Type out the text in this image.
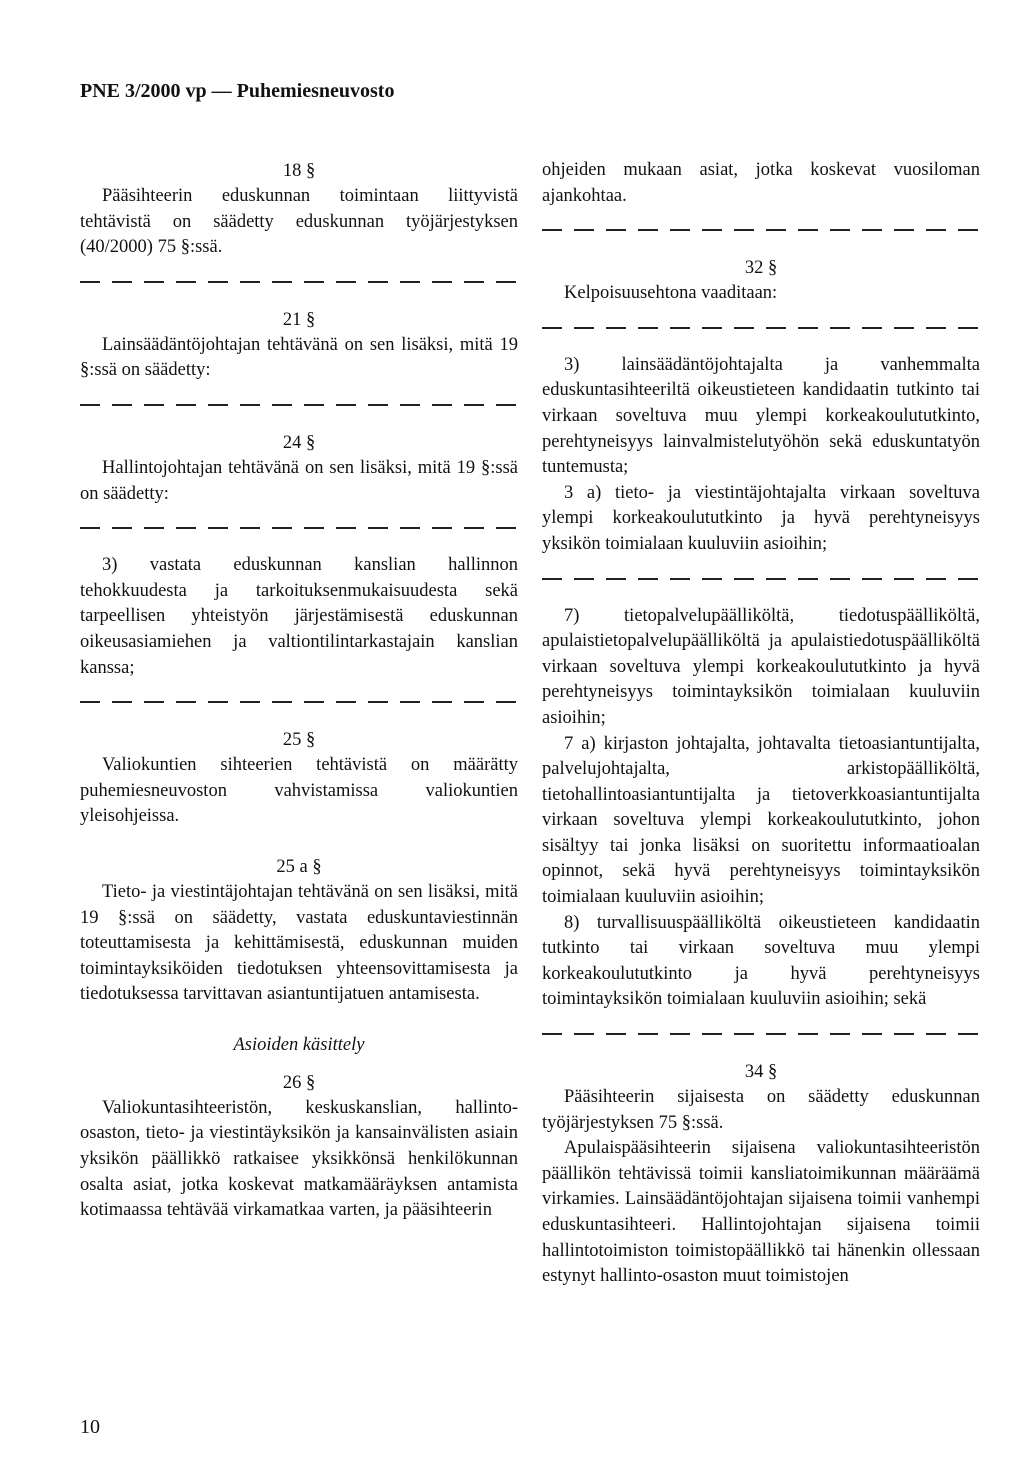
PNE 3/2000 vp — Puhemiesneuvosto
18 §

Pääsihteerin eduskunnan toimintaan liittyvistä tehtävistä on säädetty eduskunnan työjärjestyksen (40/2000) 75 §:ssä.

21 §

Lainsäädäntöjohtajan tehtävänä on sen lisäksi, mitä 19 §:ssä on säädetty:

24 §

Hallintojohtajan tehtävänä on sen lisäksi, mitä 19 §:ssä on säädetty:

3) vastata eduskunnan kanslian hallinnon tehokkuudesta ja tarkoituksenmukaisuudesta sekä tarpeellisen yhteistyön järjestämisestä eduskunnan oikeusasiamiehen ja valtiontilintarkastajain kanslian kanssa;

25 §

Valiokuntien sihteerien tehtävistä on määrätty puhemiesneuvoston vahvistamissa valiokuntien yleisohjeissa.

25 a §

Tieto- ja viestintäjohtajan tehtävänä on sen lisäksi, mitä 19 §:ssä on säädetty, vastata eduskuntaviestinnän toteuttamisesta ja kehittämisestä, eduskunnan muiden toimintayksiköiden tiedotuksen yhteensovittamisesta ja tiedotuksessa tarvittavan asiantuntijatuen antamisesta.

Asioiden käsittely
26 §

Valiokuntasihteeristön, keskuskanslian, hallinto-osaston, tieto- ja viestintäyksikön ja kansainvälisten asiain yksikön päällikkö ratkaisee yksikkönsä henkilökunnan osalta asiat, jotka koskevat matkamääräyksen antamista kotimaassa tehtävää virkamatkaa varten, ja pääsihteerin

ohjeiden mukaan asiat, jotka koskevat vuosiloman ajankohtaa.

32 §

Kelpoisuusehtona vaaditaan:

3) lainsäädäntöjohtajalta ja vanhemmalta eduskuntasihteeriltä oikeustieteen kandidaatin tutkinto tai virkaan soveltuva muu ylempi korkeakoulututkinto, perehtyneisyys lainvalmistelutyöhön sekä eduskuntatyön tuntemusta;

3 a) tieto- ja viestintäjohtajalta virkaan soveltuva ylempi korkeakoulututkinto ja hyvä perehtyneisyys yksikön toimialaan kuuluviin asioihin;

7) tietopalvelupäälliköltä, tiedotuspäälliköltä, apulaistietopalvelupäälliköltä ja apulaistiedotuspäälliköltä virkaan soveltuva ylempi korkeakoulututkinto ja hyvä perehtyneisyys toimintayksikön toimialaan kuuluviin asioihin;

7 a) kirjaston johtajalta, johtavalta tietoasiantuntijalta, palvelujohtajalta, arkistopäälliköltä, tietohallintoasiantuntijalta ja tietoverkkoasiantuntijalta virkaan soveltuva ylempi korkeakoulututkinto, johon sisältyy tai jonka lisäksi on suoritettu informaatioalan opinnot, sekä hyvä perehtyneisyys toimintayksikön toimialaan kuuluviin asioihin;

8) turvallisuuspäälliköltä oikeustieteen kandidaatin tutkinto tai virkaan soveltuva muu ylempi korkeakoulututkinto ja hyvä perehtyneisyys toimintayksikön toimialaan kuuluviin asioihin; sekä

34 §

Pääsihteerin sijaisesta on säädetty eduskunnan työjärjestyksen 75 §:ssä.

Apulaispääsihteerin sijaisena valiokuntasihteeristön päällikön tehtävissä toimii kansliatoimikunnan määräämä virkamies. Lainsäädäntöjohtajan sijaisena toimii vanhempi eduskuntasihteeri. Hallintojohtajan sijaisena toimii hallintotoimiston toimistopäällikkö tai hänenkin ollessaan estynyt hallinto-osaston muut toimistojen

10
